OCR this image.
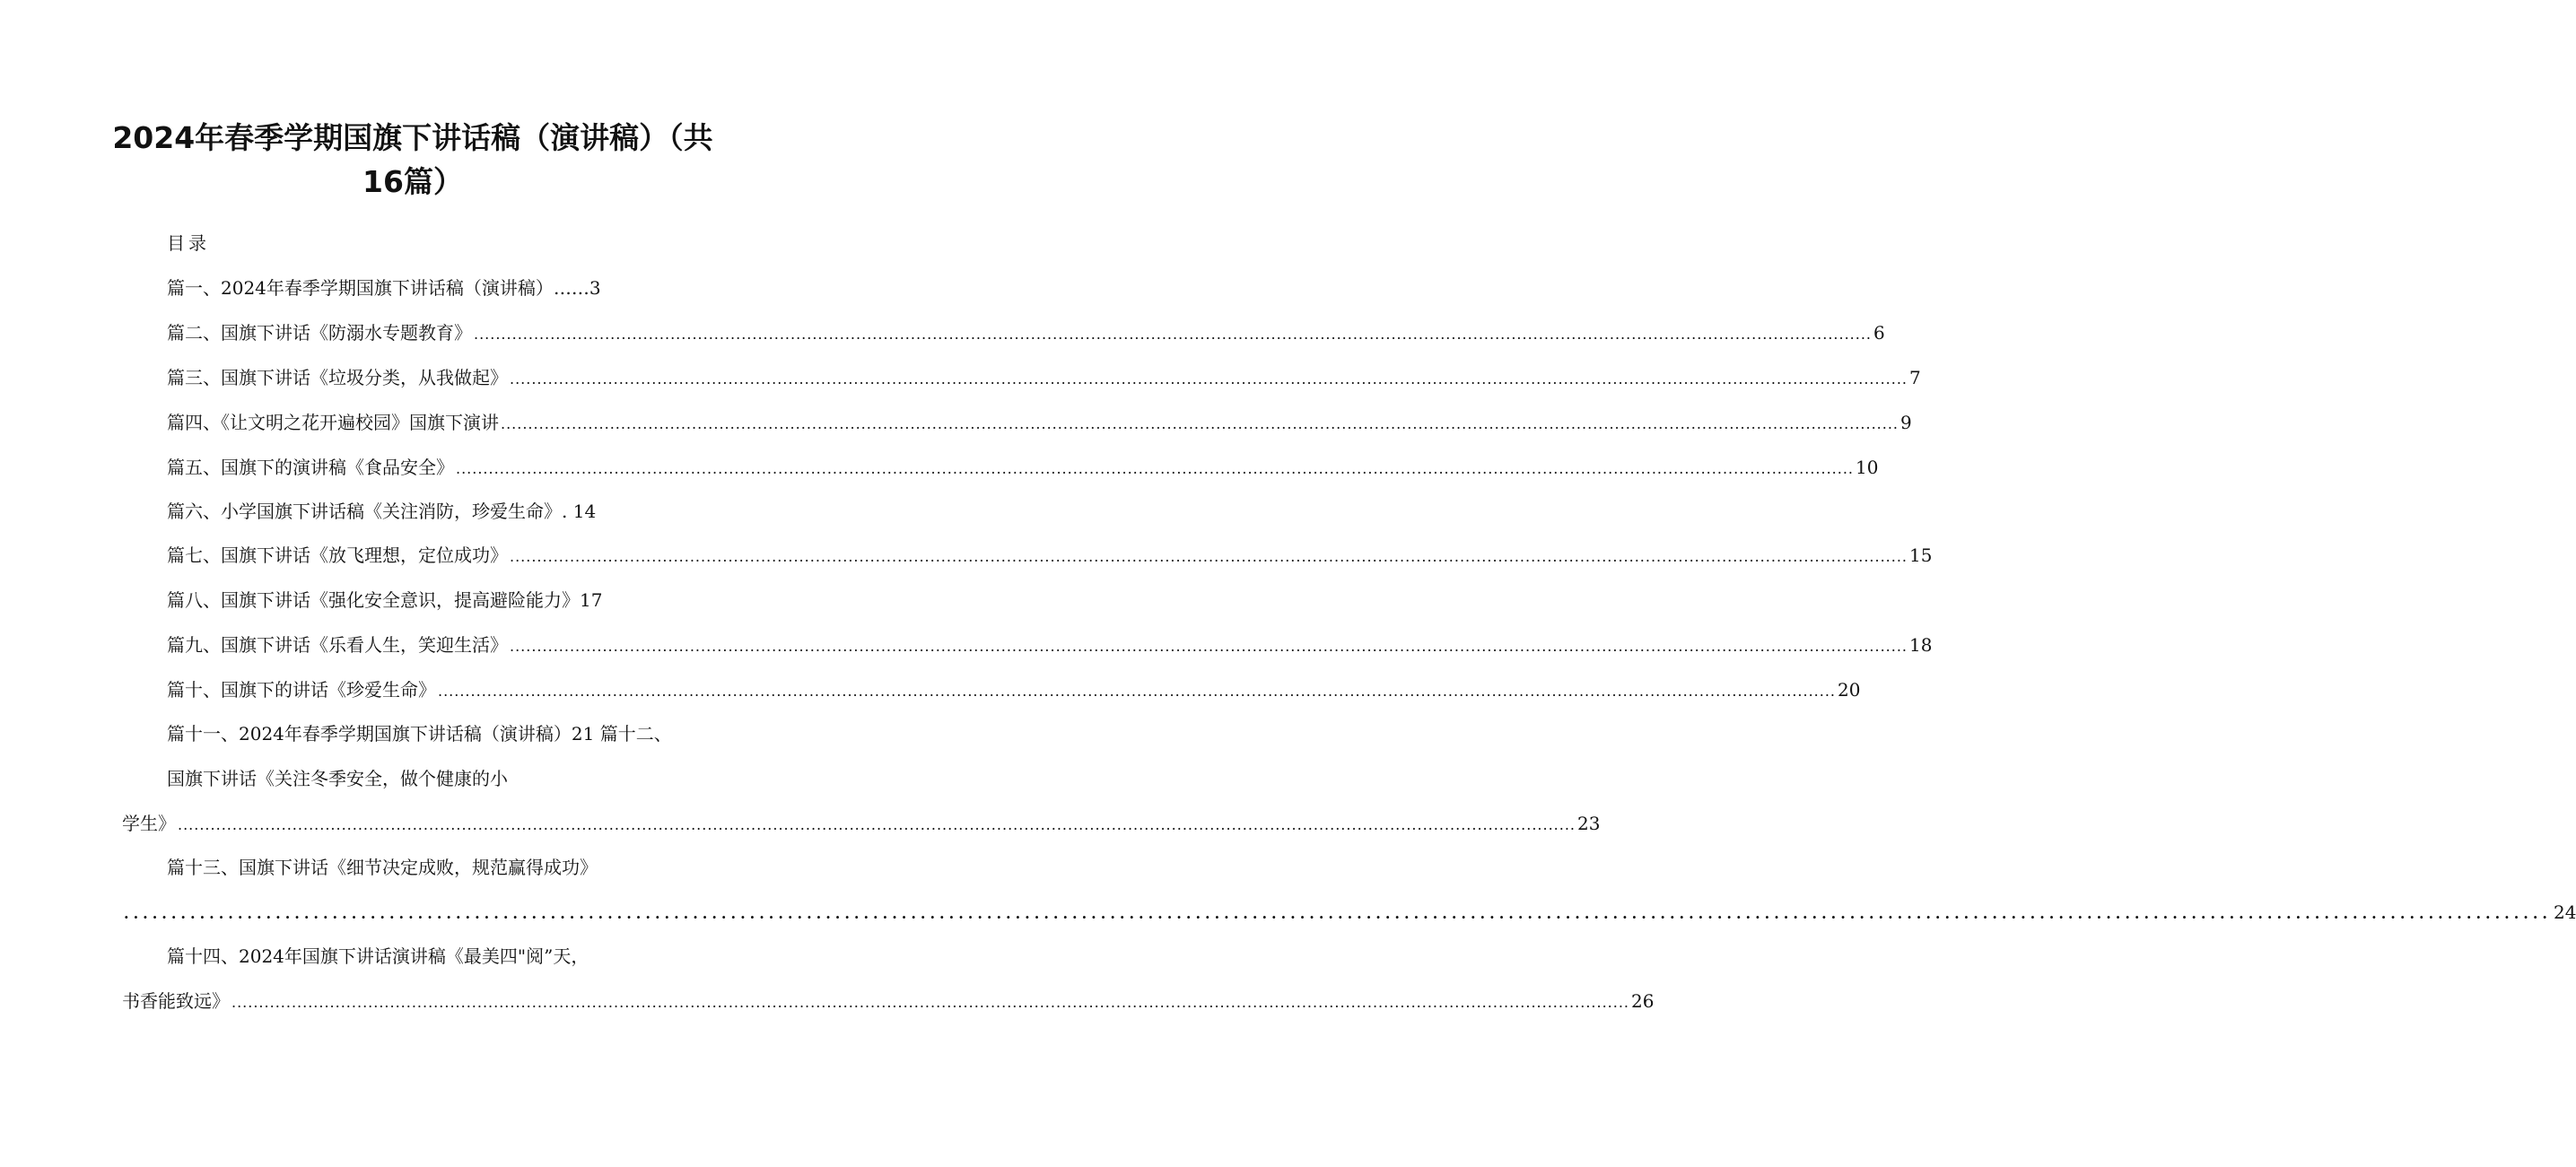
2024年春季学期国旗下讲话稿（演讲稿）（共
16篇）
目录
篇一、2024年春季学期国旗下讲话稿（演讲稿）……3
篇二、国旗下讲话《防溺水专题教育》 ................................................................................................................................................................................................................................................................ 6
篇三、国旗下讲话《垃圾分类，从我做起》 ................................................................................................................................................................................................................................................................ 7
篇四、《让文明之花开遍校园》国旗下演讲 ................................................................................................................................................................................................................................................................ 9
篇五、国旗下的演讲稿《食品安全》 ................................................................................................................................................................................................................................................................ 10
篇六、小学国旗下讲话稿《关注消防，珍爱生命》. 14
篇七、国旗下讲话《放飞理想，定位成功》 ................................................................................................................................................................................................................................................................ 15
篇八、国旗下讲话《强化安全意识，提高避险能力》17
篇九、国旗下讲话《乐看人生，笑迎生活》 ................................................................................................................................................................................................................................................................ 18
篇十、国旗下的讲话《珍爱生命》 ................................................................................................................................................................................................................................................................ 20
篇十一、2024年春季学期国旗下讲话稿（演讲稿）21 篇十二、
国旗下讲话《关注冬季安全，做个健康的小
学生》 ................................................................................................................................................................................................................................................................ 23
篇十三、国旗下讲话《细节决定成败，规范赢得成功》
................................................................................................................................................................................................................................................................ 24
篇十四、2024年国旗下讲话演讲稿《最美四"阅”天，
书香能致远》 ................................................................................................................................................................................................................................................................ 26
